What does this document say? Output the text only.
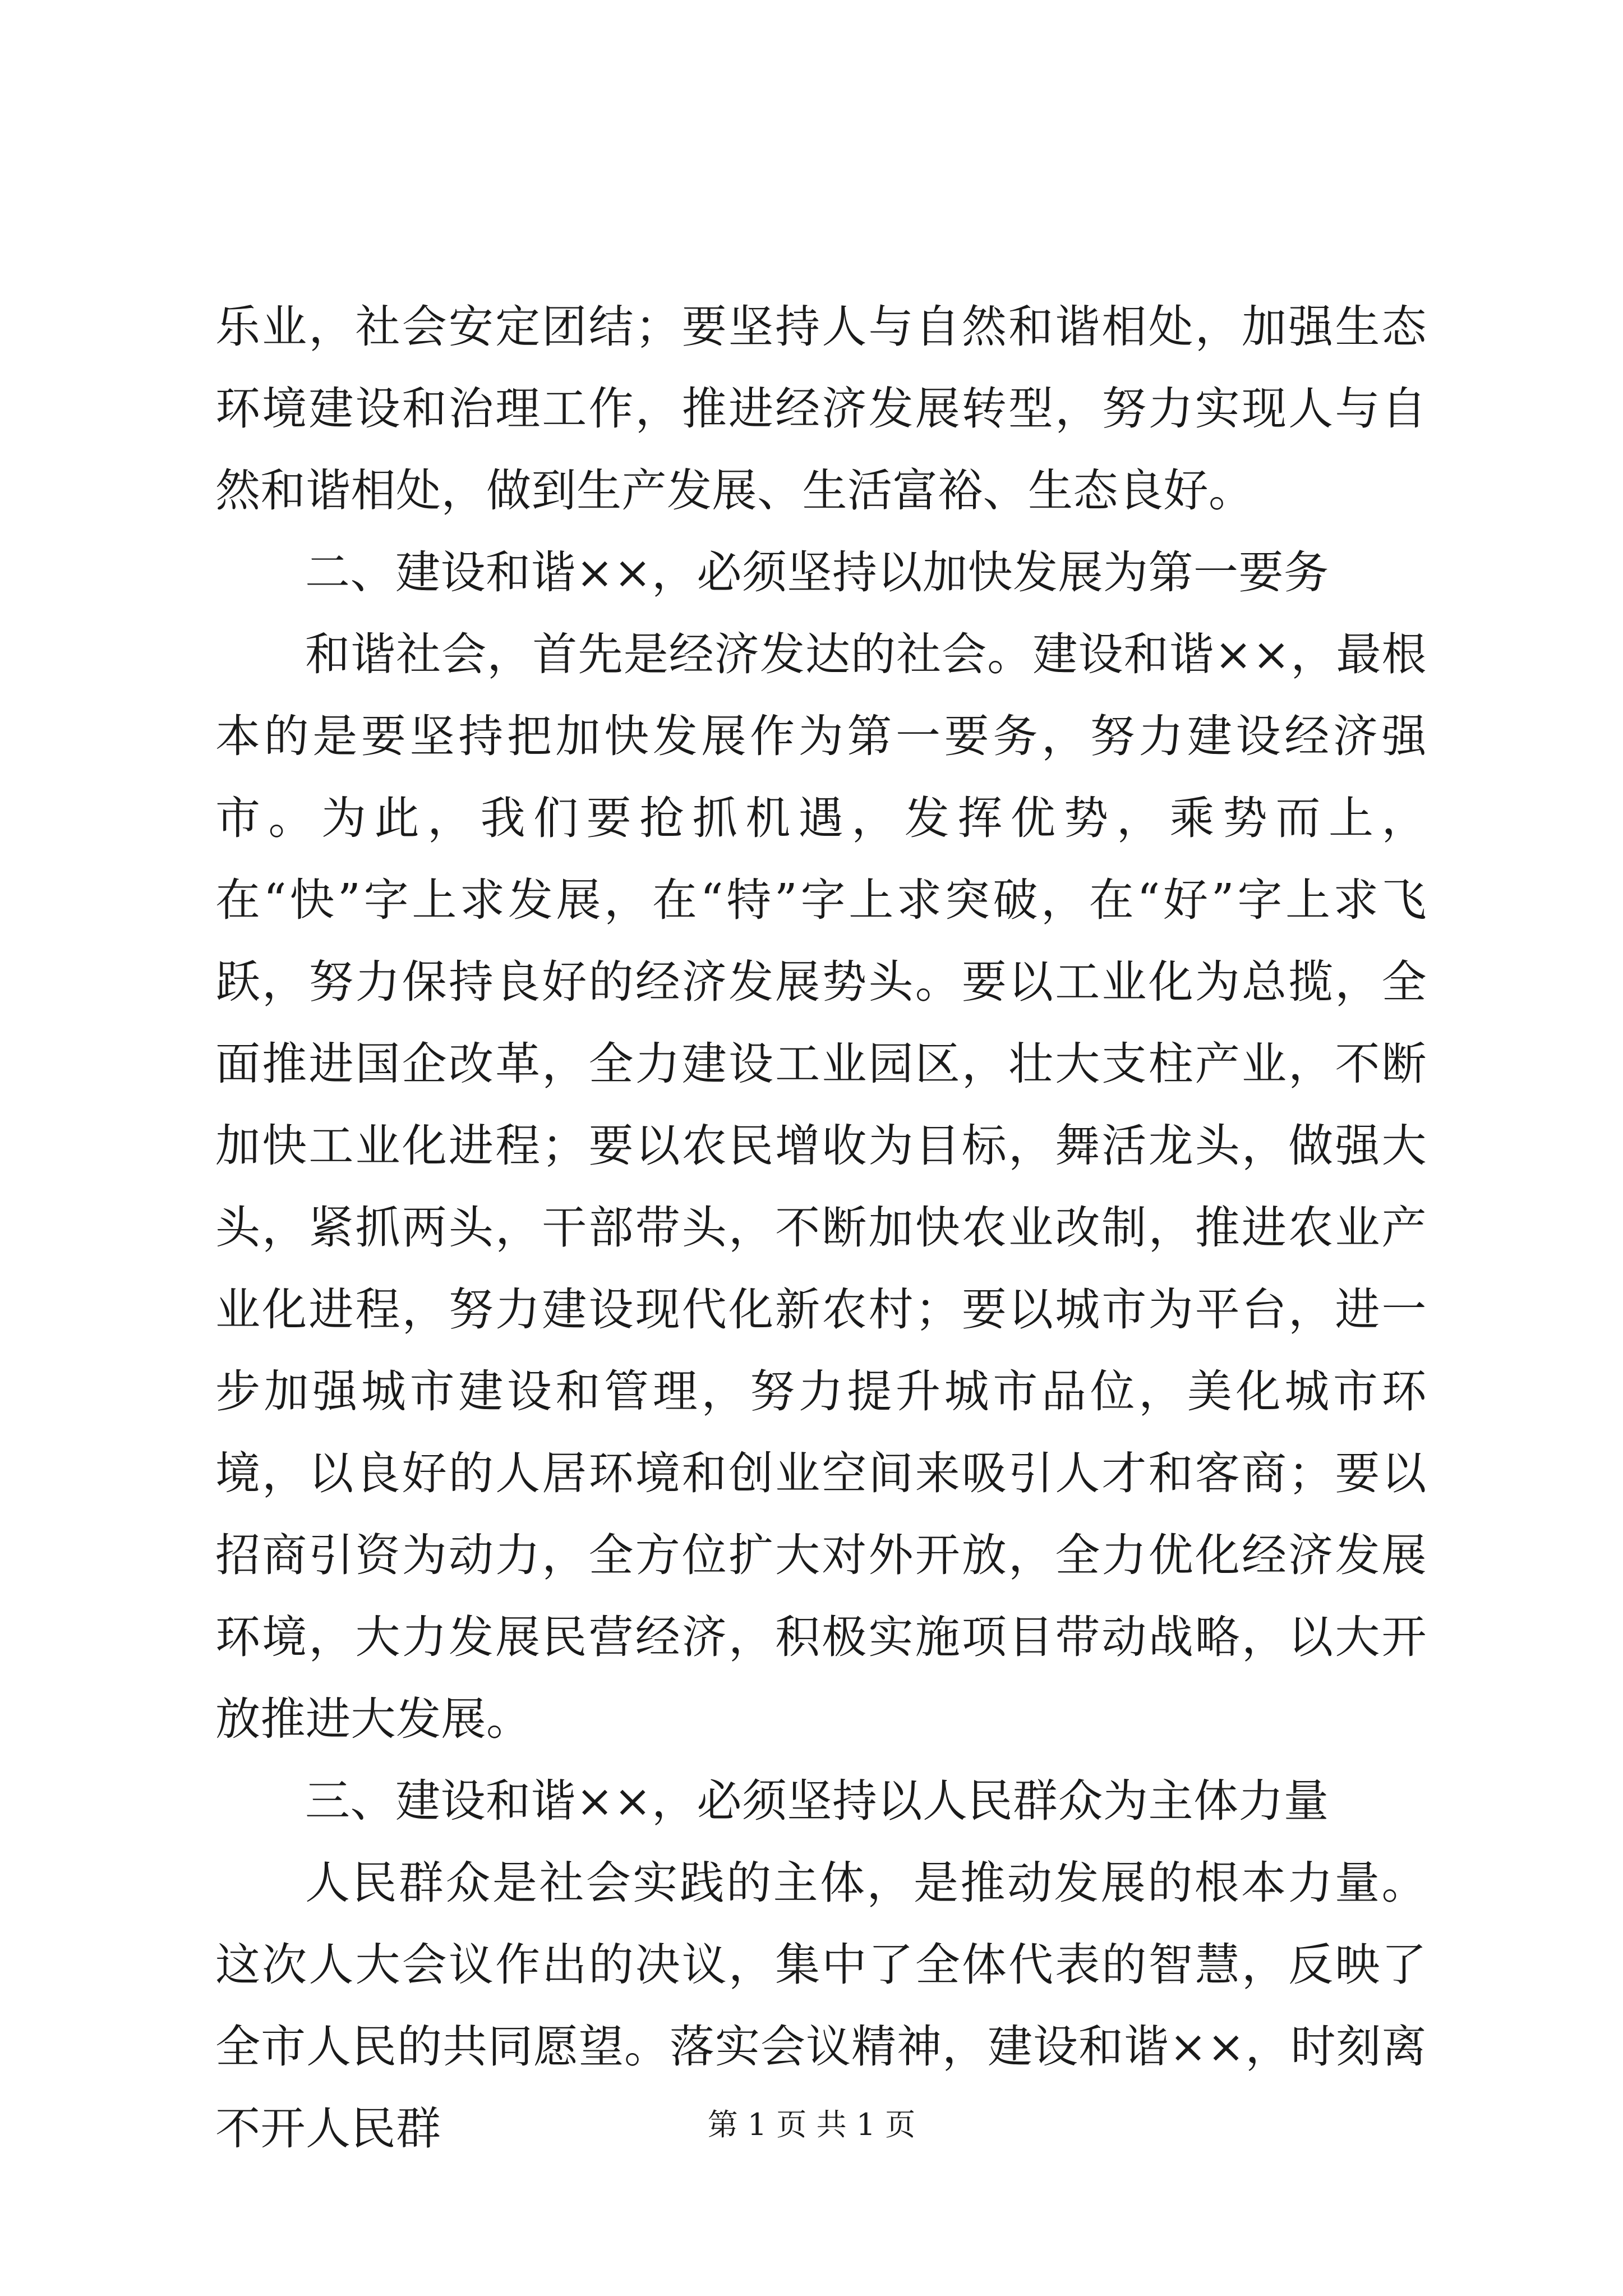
乐业，社会安定团结；要坚持人与自然和谐相处，加强生态环境建设和治理工作，推进经济发展转型，努力实现人与自然和谐相处，做到生产发展、生活富裕、生态良好。

二、建设和谐××，必须坚持以加快发展为第一要务

和谐社会，首先是经济发达的社会。建设和谐××，最根本的是要坚持把加快发展作为第一要务，努力建设经济强市。为此，我们要抢抓机遇，发挥优势，乘势而上，在“快”字上求发展，在“特”字上求突破，在“好”字上求飞跃，努力保持良好的经济发展势头。要以工业化为总揽，全面推进国企改革，全力建设工业园区，壮大支柱产业，不断加快工业化进程；要以农民增收为目标，舞活龙头，做强大头，紧抓两头，干部带头，不断加快农业改制，推进农业产业化进程，努力建设现代化新农村；要以城市为平台，进一步加强城市建设和管理，努力提升城市品位，美化城市环境，以良好的人居环境和创业空间来吸引人才和客商；要以招商引资为动力，全方位扩大对外开放，全力优化经济发展环境，大力发展民营经济，积极实施项目带动战略，以大开放推进大发展。

三、建设和谐××，必须坚持以人民群众为主体力量

人民群众是社会实践的主体，是推动发展的根本力量。这次人大会议作出的决议，集中了全体代表的智慧，反映了全市人民的共同愿望。落实会议精神，建设和谐××，时刻离不开人民群	第 1 页 共 1 页
